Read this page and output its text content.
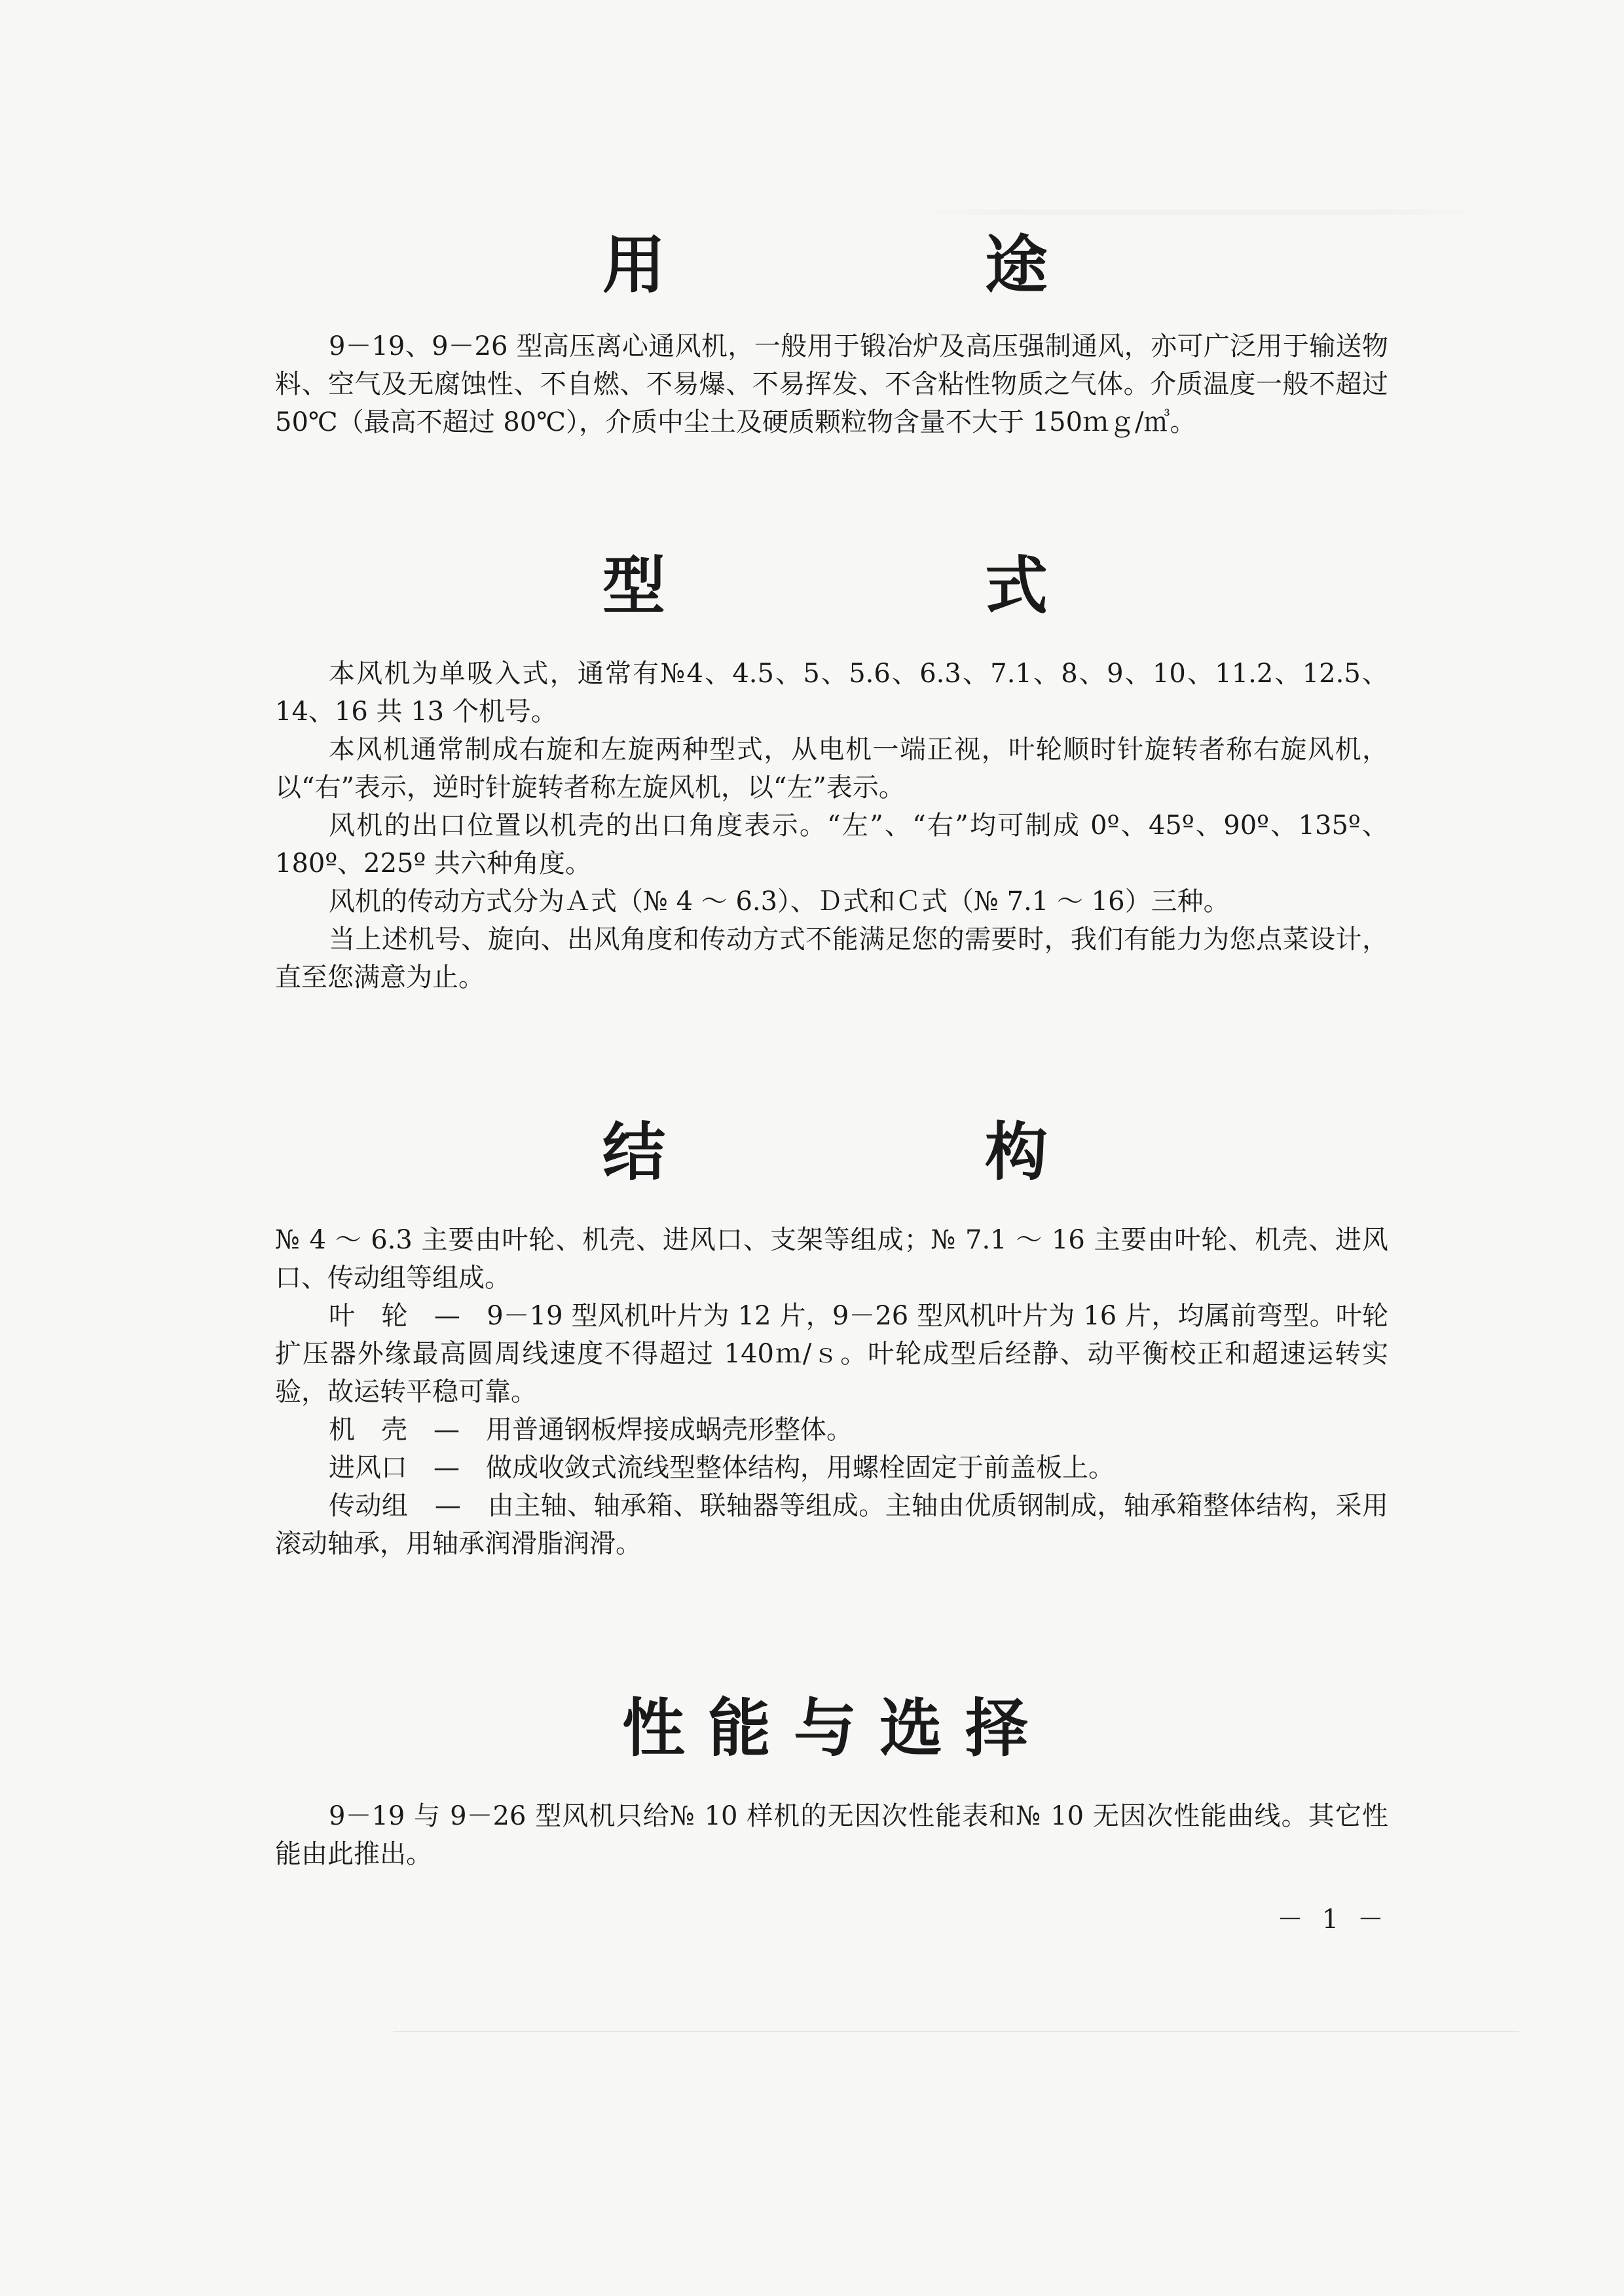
用	途

9－19、9－26 型高压离心通风机，一般用于锻冶炉及高压强制通风，亦可广泛用于输送物料、空气及无腐蚀性、不自燃、不易爆、不易挥发、不含粘性物质之气体。介质温度一般不超过 50℃（最高不超过 80℃），介质中尘土及硬质颗粒物含量不大于 150ｍｇ/㎥。

型	式

本风机为单吸入式，通常有№4、4.5、5、5.6、6.3、7.1、8、9、10、11.2、12.5、14、16 共 13 个机号。

本风机通常制成右旋和左旋两种型式，从电机一端正视，叶轮顺时针旋转者称右旋风机，以“右”表示，逆时针旋转者称左旋风机，以“左”表示。

风机的出口位置以机壳的出口角度表示。“左”、“右”均可制成 0º、45º、90º、135º、180º、225º 共六种角度。

风机的传动方式分为Ａ式（№ 4 ～ 6.3）、Ｄ式和Ｃ式（№ 7.1 ～ 16）三种。

当上述机号、旋向、出风角度和传动方式不能满足您的需要时，我们有能力为您点菜设计，直至您满意为止。

结	构

№ 4 ～ 6.3 主要由叶轮、机壳、进风口、支架等组成；№ 7.1 ～ 16 主要由叶轮、机壳、进风口、传动组等组成。

叶　轮　—　9－19 型风机叶片为 12 片，9－26 型风机叶片为 16 片，均属前弯型。叶轮扩压器外缘最高圆周线速度不得超过 140ｍ/ｓ。叶轮成型后经静、动平衡校正和超速运转实验，故运转平稳可靠。

机　壳　—　用普通钢板焊接成蜗壳形整体。

进风口　—　做成收敛式流线型整体结构，用螺栓固定于前盖板上。

传动组　—　由主轴、轴承箱、联轴器等组成。主轴由优质钢制成，轴承箱整体结构，采用滚动轴承，用轴承润滑脂润滑。

性 能 与 选 择

9－19 与 9－26 型风机只给№ 10 样机的无因次性能表和№ 10 无因次性能曲线。其它性能由此推出。

－ 1 －
